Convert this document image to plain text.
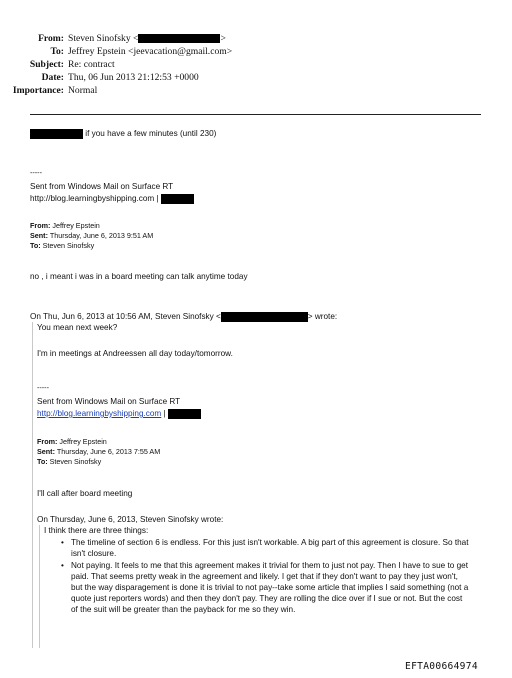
From: Steven Sinofsky <	>
To: Jeffrey Epstein <jeevacation@gmail.com>
Subject: Re: contract
Date: Thu, 06 Jun 2013 21:12:53 +0000
Importance: Normal
if you have a few minutes (until 230)
-----
Sent from Windows Mail on Surface RT
http://blog.learningbyshipping.com |
From: Jeffrey Epstein
Sent: Thursday, June 6, 2013 9:51 AM
To: Steven Sinofsky
no , i meant i was in a board meeting can talk anytime today
On Thu, Jun 6, 2013 at 10:56 AM, Steven Sinofsky <	> wrote:
You mean next week?
I'm in meetings at Andreessen all day today/tomorrow.
-----
Sent from Windows Mail on Surface RT
http://blog.learningbyshipping.com |
From: Jeffrey Epstein
Sent: Thursday, June 6, 2013 7:55 AM
To: Steven Sinofsky
I'll call after board meeting
On Thursday, June 6, 2013, Steven Sinofsky wrote:
I think there are three things:
• The timeline of section 6 is endless. For this just isn't workable. A big part of this agreement is closure. So that isn't closure.
• Not paying. It feels to me that this agreement makes it trivial for them to just not pay. Then I have to sue to get paid. That seems pretty weak in the agreement and likely. I get that if they don't want to pay they just won't, but the way disparagement is done it is trivial to not pay--take some article that implies I said something (not a quote just reporters words) and then they don't pay. They are rolling the dice over if I sue or not. But the cost of the suit will be greater than the payback for me so they win.
EFTA00664974
